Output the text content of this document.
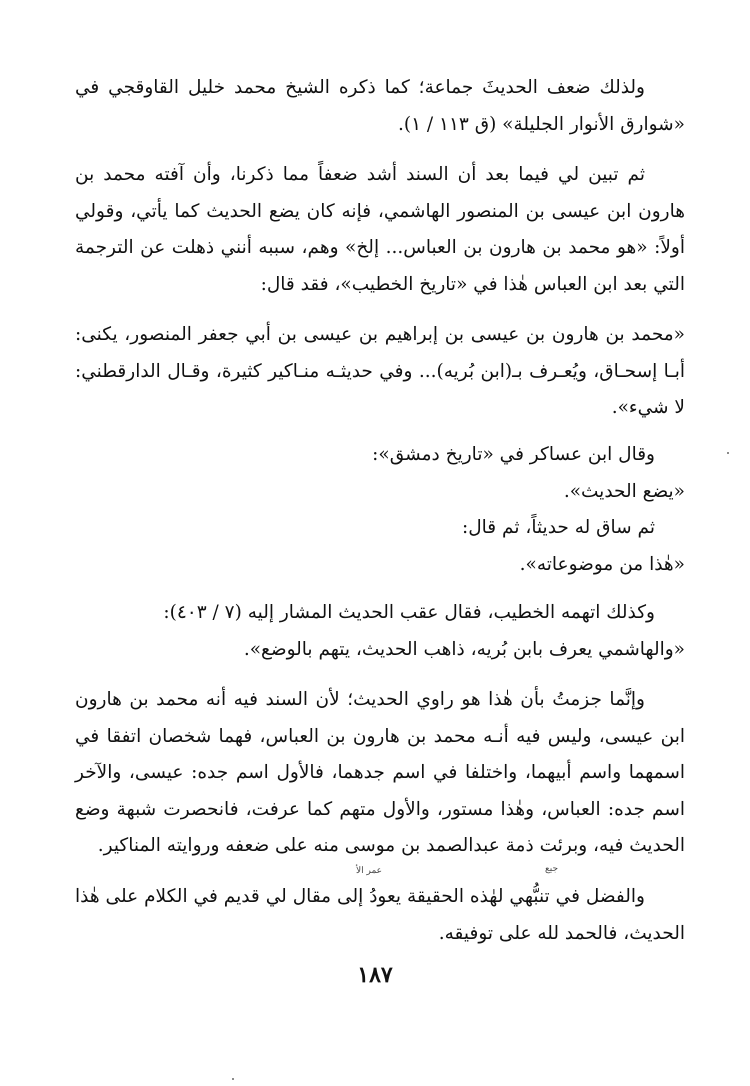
ولذلك ضعف الحديثَ جماعة؛ كما ذكره الشيخ محمد خليل القاوقجي في «شوارق الأنوار الجليلة» (ق ١١٣ / ١).

ثم تبين لي فيما بعد أن السند أشد ضعفاً مما ذكرنا، وأن آفته محمد بن هارون ابن عيسى بن المنصور الهاشمي، فإنه كان يضع الحديث كما يأتي، وقولي أولاً: «هو محمد بن هارون بن العباس... إلخ» وهم، سببه أنني ذهلت عن الترجمة التي بعد ابن العباس هٰذا في «تاريخ الخطيب»، فقد قال:

«محمد بن هارون بن عيسى بن إبراهيم بن عيسى بن أبي جعفر المنصور، يكنى: أبـا إسحـاق، ويُعـرف بـ(ابن بُريه)... وفي حديثـه منـاكير كثيرة، وقـال الدارقطني: لا شيء».

وقال ابن عساكر في «تاريخ دمشق»:

«يضع الحديث».

ثم ساق له حديثاً، ثم قال:

«هٰذا من موضوعاته».

وكذلك اتهمه الخطيب، فقال عقب الحديث المشار إليه (٧ / ٤٠٣):

«والهاشمي يعرف بابن بُريه، ذاهب الحديث، يتهم بالوضع».

وإنَّما جزمتُ بأن هٰذا هو راوي الحديث؛ لأن السند فيه أنه محمد بن هارون ابن عيسى، وليس فيه أنـه محمد بن هارون بن العباس، فهما شخصان اتفقا في اسمهما واسم أبيهما، واختلفا في اسم جدهما، فالأول اسم جده: عيسى، والآخر اسم جده: العباس، وهٰذا مستور، والأول متهم كما عرفت، فانحصرت شبهة وضع الحديث فيه، وبرئت ذمة عبدالصمد بن موسى منه على ضعفه وروايته المناكير.

والفضل في تنبُّهي لهٰذه الحقيقة يعودُ إلى مقال لي قديم في الكلام على هٰذا الحديث، فالحمد لله على توفيقه.

عمر الأ	جيع
١٨٧
